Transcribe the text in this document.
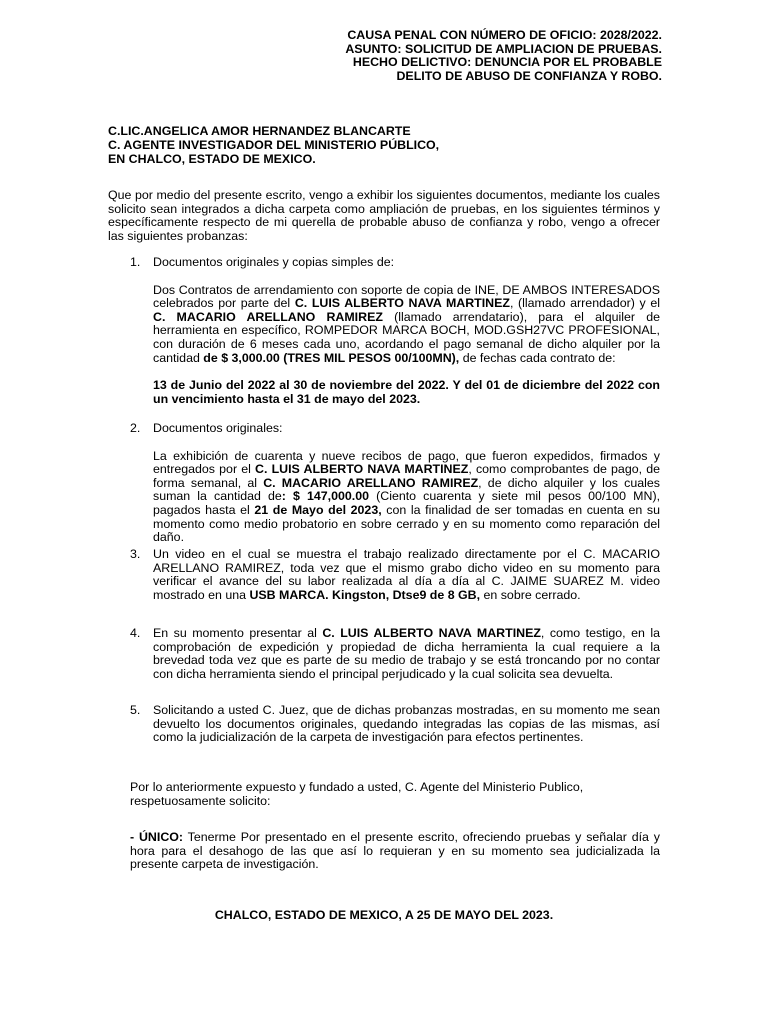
CAUSA PENAL CON NÚMERO DE OFICIO: 2028/2022.
ASUNTO: SOLICITUD DE AMPLIACION DE PRUEBAS.
HECHO DELICTIVO: DENUNCIA POR EL PROBABLE
DELITO DE ABUSO DE CONFIANZA Y ROBO.
C.LIC.ANGELICA AMOR HERNANDEZ BLANCARTE
C. AGENTE INVESTIGADOR DEL MINISTERIO PÚBLICO,
EN CHALCO, ESTADO DE MEXICO.
Que por medio del presente escrito, vengo a exhibir los siguientes documentos, mediante los cuales solicito sean integrados a dicha carpeta como ampliación de pruebas, en los siguientes términos y específicamente respecto de mi querella de probable abuso de confianza y robo, vengo a ofrecer las siguientes probanzas:
1. Documentos originales y copias simples de:

Dos Contratos de arrendamiento con soporte de copia de INE, DE AMBOS INTERESADOS celebrados por parte del C. LUIS ALBERTO NAVA MARTINEZ, (llamado arrendador) y el C. MACARIO ARELLANO RAMIREZ (llamado arrendatario), para el alquiler de herramienta en específico, ROMPEDOR MARCA BOCH, MOD.GSH27VC PROFESIONAL, con duración de 6 meses cada uno, acordando el pago semanal de dicho alquiler por la cantidad de $ 3,000.00 (TRES MIL PESOS 00/100MN), de fechas cada contrato de:

13 de Junio del 2022 al 30 de noviembre del 2022. Y del 01 de diciembre del 2022 con un vencimiento hasta el 31 de mayo del 2023.

2. Documentos originales:

La exhibición de cuarenta y nueve recibos de pago, que fueron expedidos, firmados y entregados por el C. LUIS ALBERTO NAVA MARTINEZ, como comprobantes de pago, de forma semanal, al C. MACARIO ARELLANO RAMIREZ, de dicho alquiler y los cuales suman la cantidad de: $ 147,000.00 (Ciento cuarenta y siete mil pesos 00/100 MN), pagados hasta el 21 de Mayo del 2023, con la finalidad de ser tomadas en cuenta en su momento como medio probatorio en sobre cerrado y en su momento como reparación del daño.

3. Un video en el cual se muestra el trabajo realizado directamente por el C. MACARIO ARELLANO RAMIREZ, toda vez que el mismo grabo dicho video en su momento para verificar el avance del su labor realizada al día a día al C. JAIME SUAREZ M. video mostrado en una USB MARCA. Kingston, Dtse9 de 8 GB, en sobre cerrado.

4. En su momento presentar al C. LUIS ALBERTO NAVA MARTINEZ, como testigo, en la comprobación de expedición y propiedad de dicha herramienta la cual requiere a la brevedad toda vez que es parte de su medio de trabajo y se está troncando por no contar con dicha herramienta siendo el principal perjudicado y la cual solicita sea devuelta.

5. Solicitando a usted C. Juez, que de dichas probanzas mostradas, en su momento me sean devuelto los documentos originales, quedando integradas las copias de las mismas, así como la judicialización de la carpeta de investigación para efectos pertinentes.

Por lo anteriormente expuesto y fundado a usted, C. Agente del Ministerio Publico, respetuosamente solicito:
- ÚNICO: Tenerme Por presentado en el presente escrito, ofreciendo pruebas y señalar día y hora para el desahogo de las que así lo requieran y en su momento sea judicializada la presente carpeta de investigación.
CHALCO, ESTADO DE MEXICO, A 25 DE MAYO DEL 2023.
